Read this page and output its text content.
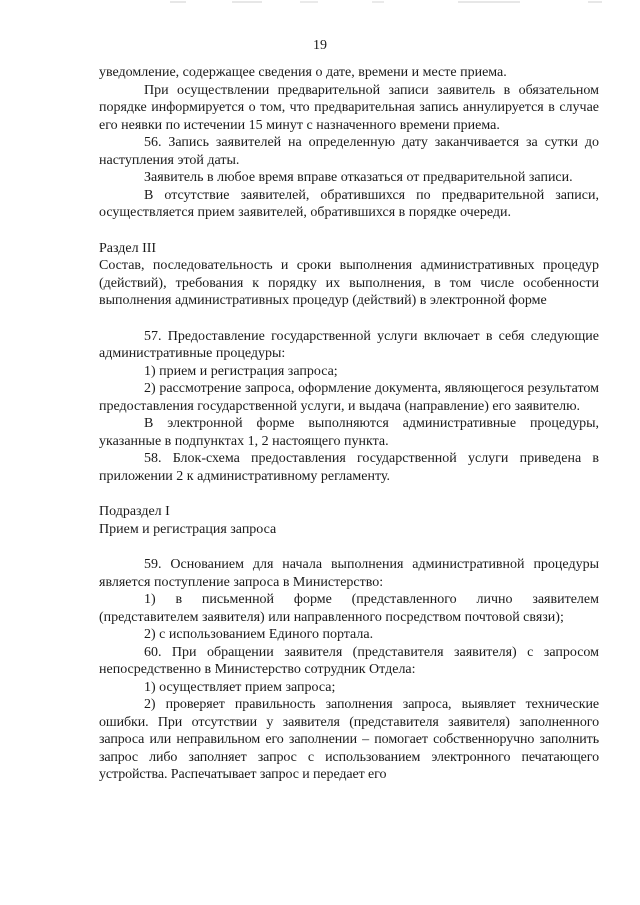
19

уведомление, содержащее сведения о дате, времени и месте приема.

При осуществлении предварительной записи заявитель в обязательном порядке информируется о том, что предварительная запись аннулируется в случае его неявки по истечении 15 минут с назначенного времени приема.

56. Запись заявителей на определенную дату заканчивается за сутки до наступления этой даты.

Заявитель в любое время вправе отказаться от предварительной записи.

В отсутствие заявителей, обратившихся по предварительной записи, осуществляется прием заявителей, обратившихся в порядке очереди.

Раздел III

Состав, последовательность и сроки выполнения административных процедур (действий), требования к порядку их выполнения, в том числе особенности выполнения административных процедур (действий) в электронной форме

57. Предоставление государственной услуги включает в себя следующие административные процедуры:

1) прием и регистрация запроса;

2) рассмотрение запроса, оформление документа, являющегося результатом предоставления государственной услуги, и выдача (направление) его заявителю.

В электронной форме выполняются административные процедуры, указанные в подпунктах 1, 2 настоящего пункта.

58. Блок-схема предоставления государственной услуги приведена в приложении 2 к административному регламенту.

Подраздел I

Прием и регистрация запроса

59. Основанием для начала выполнения административной процедуры является поступление запроса в Министерство:

1) в письменной форме (представленного лично заявителем (представителем заявителя) или направленного посредством почтовой связи);

2) с использованием Единого портала.

60. При обращении заявителя (представителя заявителя) с запросом непосредственно в Министерство сотрудник Отдела:

1) осуществляет прием запроса;

2) проверяет правильность заполнения запроса, выявляет технические ошибки. При отсутствии у заявителя (представителя заявителя) заполненного запроса или неправильном его заполнении – помогает собственноручно заполнить запрос либо заполняет запрос с использованием электронного печатающего устройства. Распечатывает запрос и передает его
